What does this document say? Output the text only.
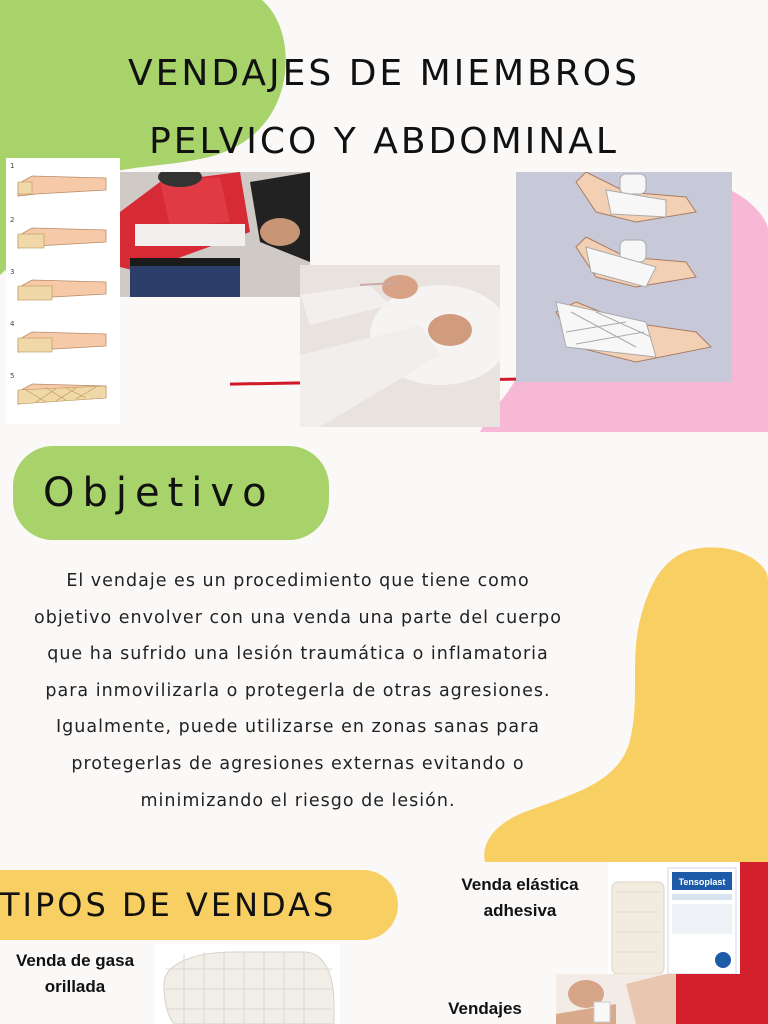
VENDAJES DE MIEMBROS
PELVICO Y ABDOMINAL
1
2
3
4
5
Objetivo

El vendaje es un procedimiento que tiene como objetivo envolver con una venda una parte del cuerpo que ha sufrido una lesión traumática o inflamatoria para inmovilizarla o protegerla de otras agresiones. Igualmente, puede utilizarse en zonas sanas para protegerlas de agresiones externas evitando o minimizando el riesgo de lesión.

TIPOS DE VENDAS
Venda elástica adhesiva
Venda de gasa orillada
Vendajes
Tensoplast
